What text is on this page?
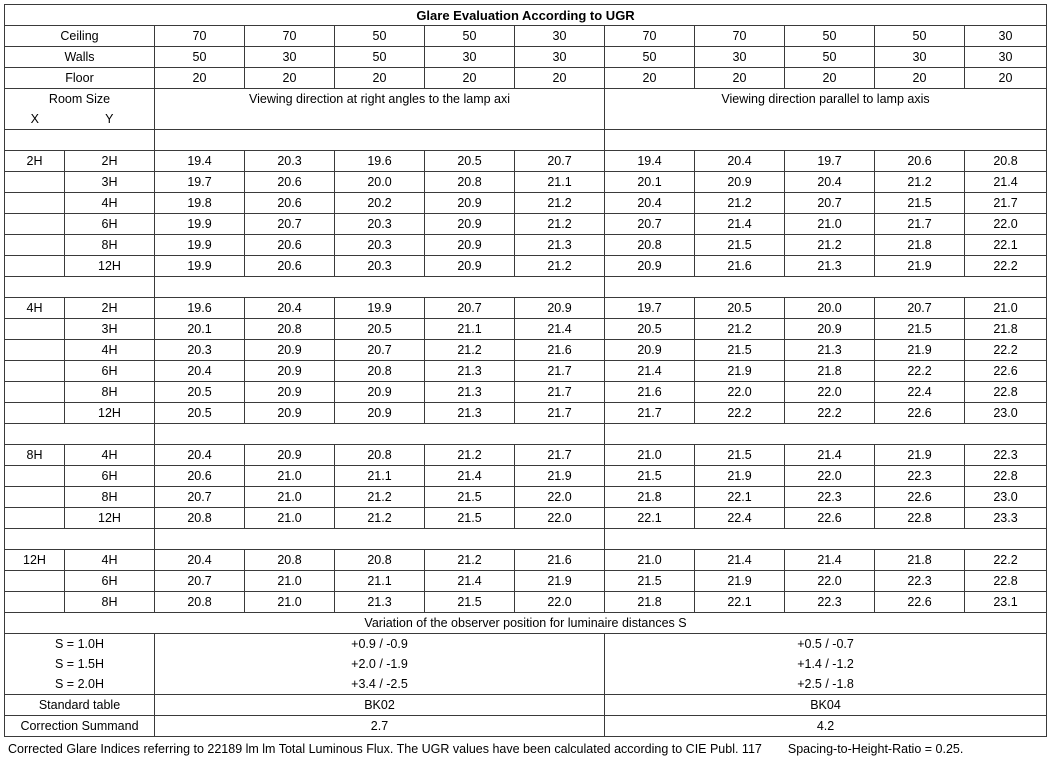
Glare Evaluation According to UGR											
Ceiling		70	70	50	50	30	70	70	50	50	30
Walls		50	30	50	30	30	50	30	50	30	30
Floor		20	20	20	20	20	20	20	20	20	20
Room Size		Viewing direction at right angles to the lamp axi					Viewing direction parallel to lamp axis				
X	Y										

2H	2H	19.4	20.3	19.6	20.5	20.7	19.4	20.4	19.7	20.6	20.8
	3H	19.7	20.6	20.0	20.8	21.1	20.1	20.9	20.4	21.2	21.4
	4H	19.8	20.6	20.2	20.9	21.2	20.4	21.2	20.7	21.5	21.7
	6H	19.9	20.7	20.3	20.9	21.2	20.7	21.4	21.0	21.7	22.0
	8H	19.9	20.6	20.3	20.9	21.3	20.8	21.5	21.2	21.8	22.1
	12H	19.9	20.6	20.3	20.9	21.2	20.9	21.6	21.3	21.9	22.2

4H	2H	19.6	20.4	19.9	20.7	20.9	19.7	20.5	20.0	20.7	21.0
	3H	20.1	20.8	20.5	21.1	21.4	20.5	21.2	20.9	21.5	21.8
	4H	20.3	20.9	20.7	21.2	21.6	20.9	21.5	21.3	21.9	22.2
	6H	20.4	20.9	20.8	21.3	21.7	21.4	21.9	21.8	22.2	22.6
	8H	20.5	20.9	20.9	21.3	21.7	21.6	22.0	22.0	22.4	22.8
	12H	20.5	20.9	20.9	21.3	21.7	21.7	22.2	22.2	22.6	23.0

8H	4H	20.4	20.9	20.8	21.2	21.7	21.0	21.5	21.4	21.9	22.3
	6H	20.6	21.0	21.1	21.4	21.9	21.5	21.9	22.0	22.3	22.8
	8H	20.7	21.0	21.2	21.5	22.0	21.8	22.1	22.3	22.6	23.0
	12H	20.8	21.0	21.2	21.5	22.0	22.1	22.4	22.6	22.8	23.3

12H	4H	20.4	20.8	20.8	21.2	21.6	21.0	21.4	21.4	21.8	22.2
	6H	20.7	21.0	21.1	21.4	21.9	21.5	21.9	22.0	22.3	22.8
	8H	20.8	21.0	21.3	21.5	22.0	21.8	22.1	22.3	22.6	23.1
Variation of the observer position for luminaire distances S											
S = 1.0H		+0.9 / -0.9					+0.5 / -0.7				
S = 1.5H		+2.0 / -1.9					+1.4 / -1.2				
S = 2.0H		+3.4 / -2.5					+2.5 / -1.8				
Standard table		BK02					BK04				
Correction Summand		2.7					4.2				
Corrected Glare Indices referring to 22189 lm lm Total Luminous Flux. The UGR values have been calculated according to CIE Publ. 117 Spacing-to-Height-Ratio = 0.25.
